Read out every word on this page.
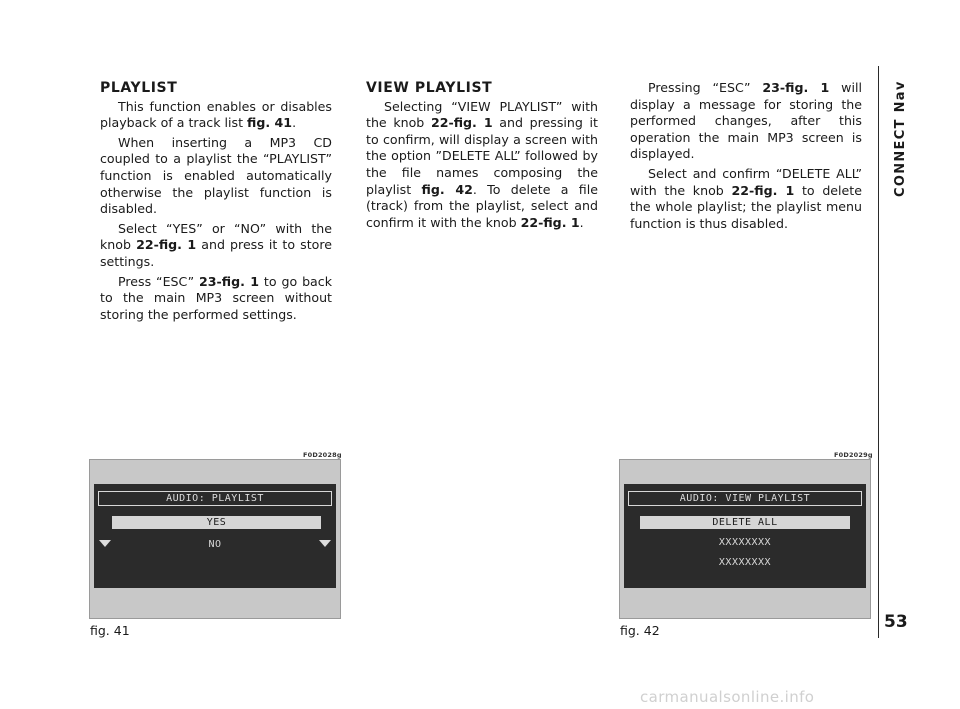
PLAYLIST

This function enables or disables playback of a track list fig. 41.

When inserting a MP3 CD coupled to a playlist the “PLAYLIST” function is enabled automatically otherwise the playlist function is disabled.

Select “YES” or “NO” with the knob 22-fig. 1 and press it to store settings.

Press “ESC” 23-fig. 1 to go back to the main MP3 screen without storing the performed settings.

VIEW PLAYLIST

Selecting “VIEW PLAYLIST” with the knob 22-fig. 1 and pressing it to confirm, will display a screen with the option ”DELETE ALL” followed by the file names composing the playlist fig. 42. To delete a file (track) from the playlist, select and confirm it with the knob 22-fig. 1.

Pressing “ESC” 23-fig. 1 will display a message for storing the performed changes, after this operation the main MP3 screen is displayed.

Select and confirm “DELETE ALL” with the knob 22-fig. 1 to delete the whole playlist; the playlist menu function is thus disabled.

CONNECT Nav
53
F0D2028g
AUDIO: PLAYLIST
YES
NO
fig. 41
F0D2029g
AUDIO: VIEW PLAYLIST
DELETE ALL
XXXXXXXX
XXXXXXXX
fig. 42
carmanualsonline.info
